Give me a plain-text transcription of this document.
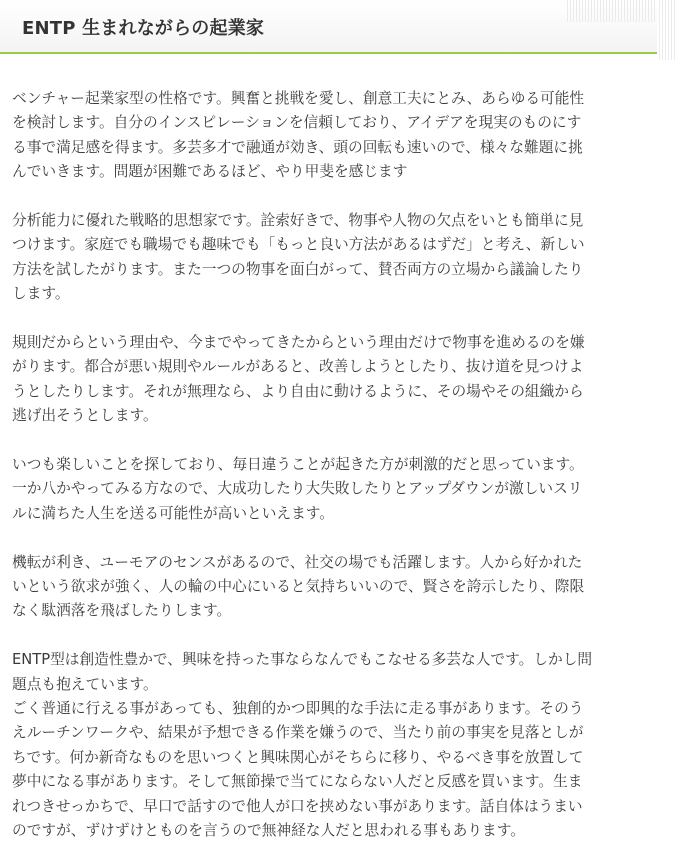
ENTP 生まれながらの起業家

ベンチャー起業家型の性格です。興奮と挑戦を愛し、創意工夫にとみ、あらゆる可能性
を検討します。自分のインスピレーションを信頼しており、アイデアを現実のものにす
る事で満足感を得ます。多芸多才で融通が効き、頭の回転も速いので、様々な難題に挑
んでいきます。問題が困難であるほど、やり甲斐を感じます

分析能力に優れた戦略的思想家です。詮索好きで、物事や人物の欠点をいとも簡単に見
つけます。家庭でも職場でも趣味でも「もっと良い方法があるはずだ」と考え、新しい
方法を試したがります。また一つの物事を面白がって、賛否両方の立場から議論したり
します。

規則だからという理由や、今までやってきたからという理由だけで物事を進めるのを嫌
がります。都合が悪い規則やルールがあると、改善しようとしたり、抜け道を見つけよ
うとしたりします。それが無理なら、より自由に動けるように、その場やその組織から
逃げ出そうとします。

いつも楽しいことを探しており、毎日違うことが起きた方が刺激的だと思っています。
一か八かやってみる方なので、大成功したり大失敗したりとアップダウンが激しいスリ
ルに満ちた人生を送る可能性が高いといえます。

機転が利き、ユーモアのセンスがあるので、社交の場でも活躍します。人から好かれた
いという欲求が強く、人の輪の中心にいると気持ちいいので、賢さを誇示したり、際限
なく駄洒落を飛ばしたりします。

ENTP型は創造性豊かで、興味を持った事ならなんでもこなせる多芸な人です。しかし問
題点も抱えています。
ごく普通に行える事があっても、独創的かつ即興的な手法に走る事があります。そのう
えルーチンワークや、結果が予想できる作業を嫌うので、当たり前の事実を見落としが
ちです。何か新奇なものを思いつくと興味関心がそちらに移り、やるべき事を放置して
夢中になる事があります。そして無節操で当てにならない人だと反感を買います。生ま
れつきせっかちで、早口で話すので他人が口を挟めない事があります。話自体はうまい
のですが、ずけずけとものを言うので無神経な人だと思われる事もあります。
